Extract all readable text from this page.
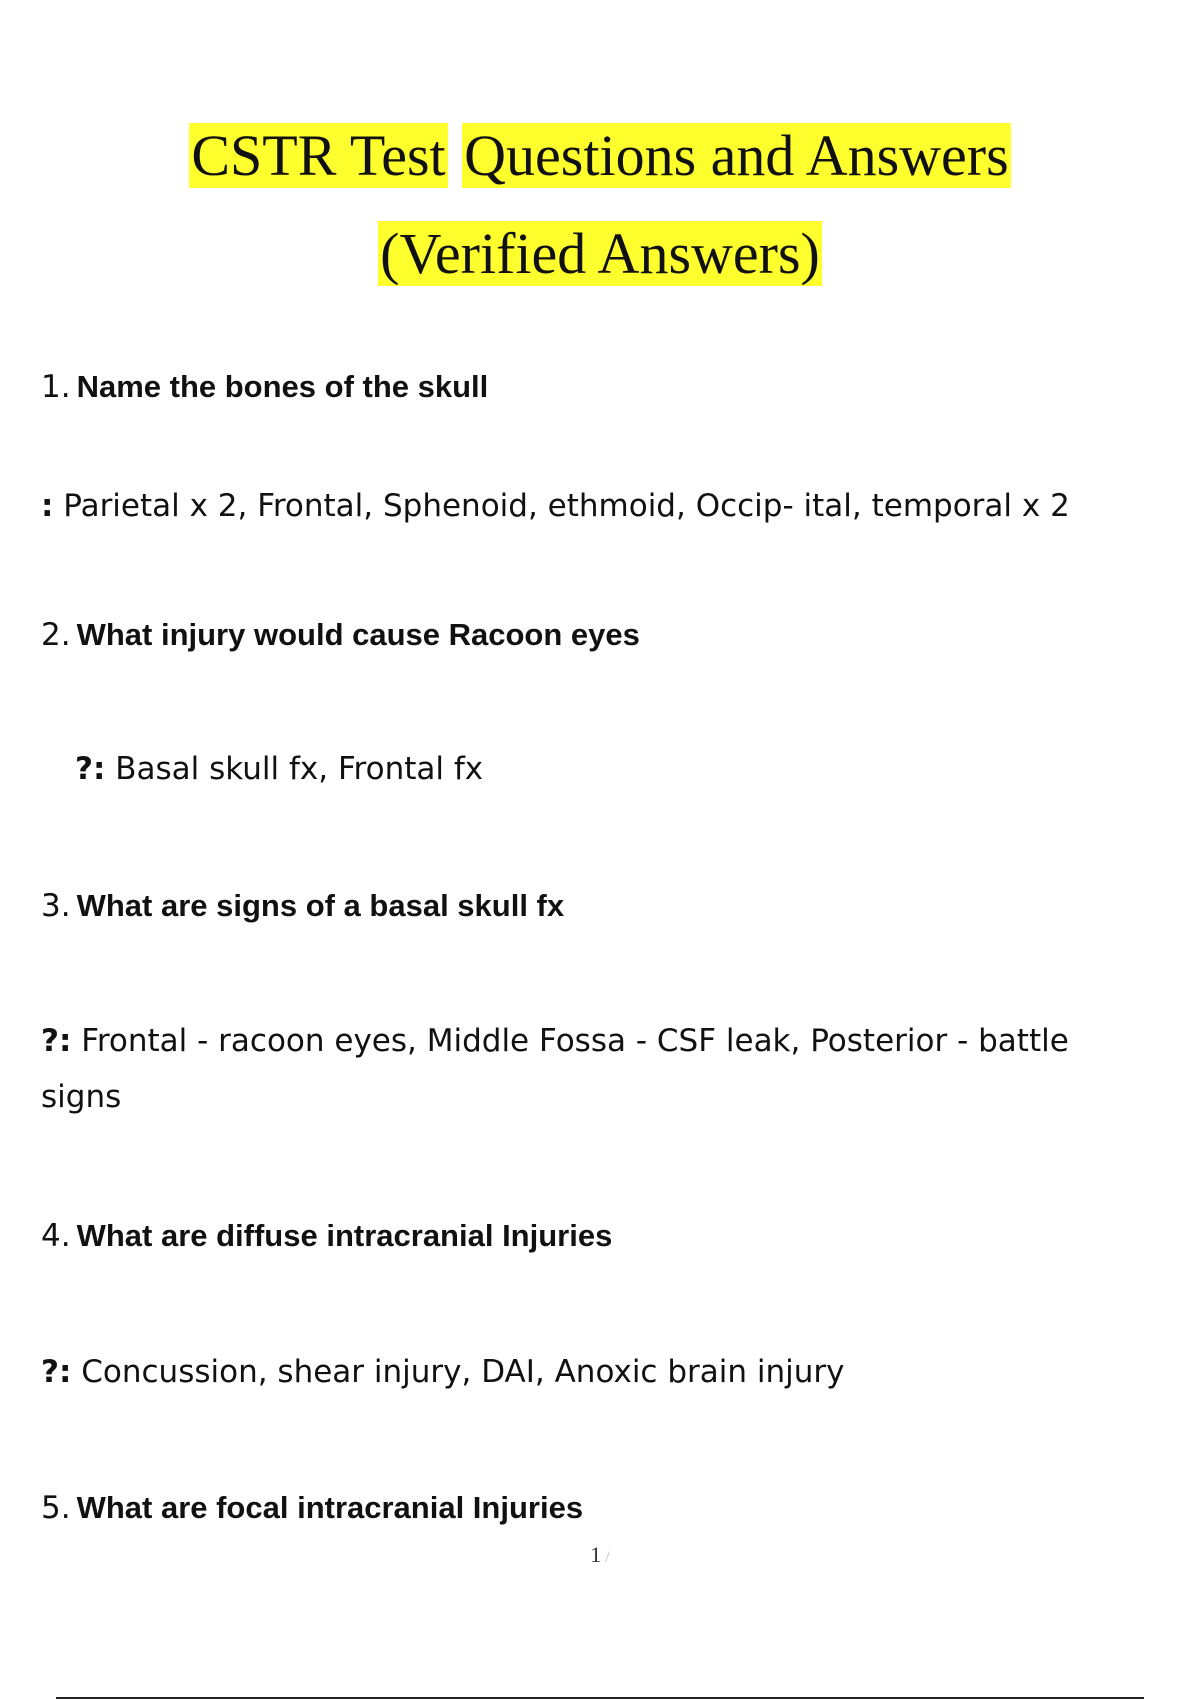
CSTR Test Questions and Answers
(Verified Answers)
1. Name the bones of the skull
: Parietal x 2, Frontal, Sphenoid, ethmoid, Occip- ital, temporal x 2
2. What injury would cause Racoon eyes
?: Basal skull fx, Frontal fx
3. What are signs of a basal skull fx
?: Frontal - racoon eyes, Middle Fossa - CSF leak, Posterior - battle signs
4. What are diffuse intracranial Injuries
?: Concussion, shear injury, DAI, Anoxic brain injury
5. What are focal intracranial Injuries
1 /
